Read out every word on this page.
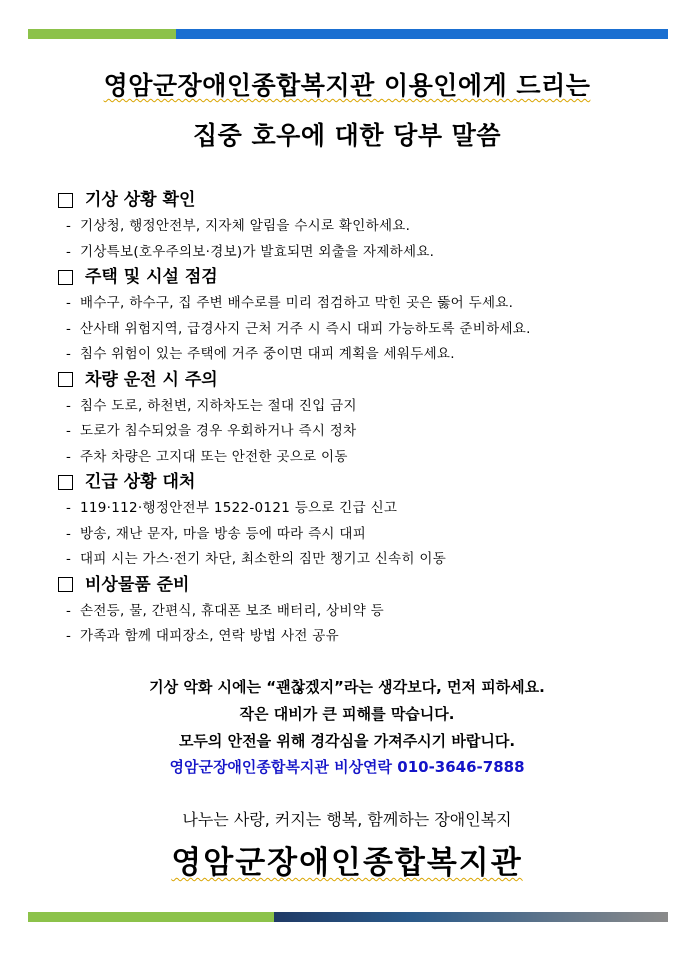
영암군장애인종합복지관 이용인에게 드리는
집중 호우에 대한 당부 말씀
기상 상황 확인
- 기상청, 행정안전부, 지자체 알림을 수시로 확인하세요.
- 기상특보(호우주의보·경보)가 발효되면 외출을 자제하세요.
주택 및 시설 점검
- 배수구, 하수구, 집 주변 배수로를 미리 점검하고 막힌 곳은 뚫어 두세요.
- 산사태 위험지역, 급경사지 근처 거주 시 즉시 대피 가능하도록 준비하세요.
- 침수 위험이 있는 주택에 거주 중이면 대피 계획을 세워두세요.
차량 운전 시 주의
- 침수 도로, 하천변, 지하차도는 절대 진입 금지
- 도로가 침수되었을 경우 우회하거나 즉시 정차
- 주차 차량은 고지대 또는 안전한 곳으로 이동
긴급 상황 대처
- 119·112·행정안전부 1522-0121 등으로 긴급 신고
- 방송, 재난 문자, 마을 방송 등에 따라 즉시 대피
- 대피 시는 가스·전기 차단, 최소한의 짐만 챙기고 신속히 이동
비상물품 준비
- 손전등, 물, 간편식, 휴대폰 보조 배터리, 상비약 등
- 가족과 함께 대피장소, 연락 방법 사전 공유
기상 악화 시에는 “괜찮겠지”라는 생각보다, 먼저 피하세요.
작은 대비가 큰 피해를 막습니다.
모두의 안전을 위해 경각심을 가져주시기 바랍니다.
영암군장애인종합복지관 비상연락 010-3646-7888
나누는 사랑, 커지는 행복, 함께하는 장애인복지
영암군장애인종합복지관
